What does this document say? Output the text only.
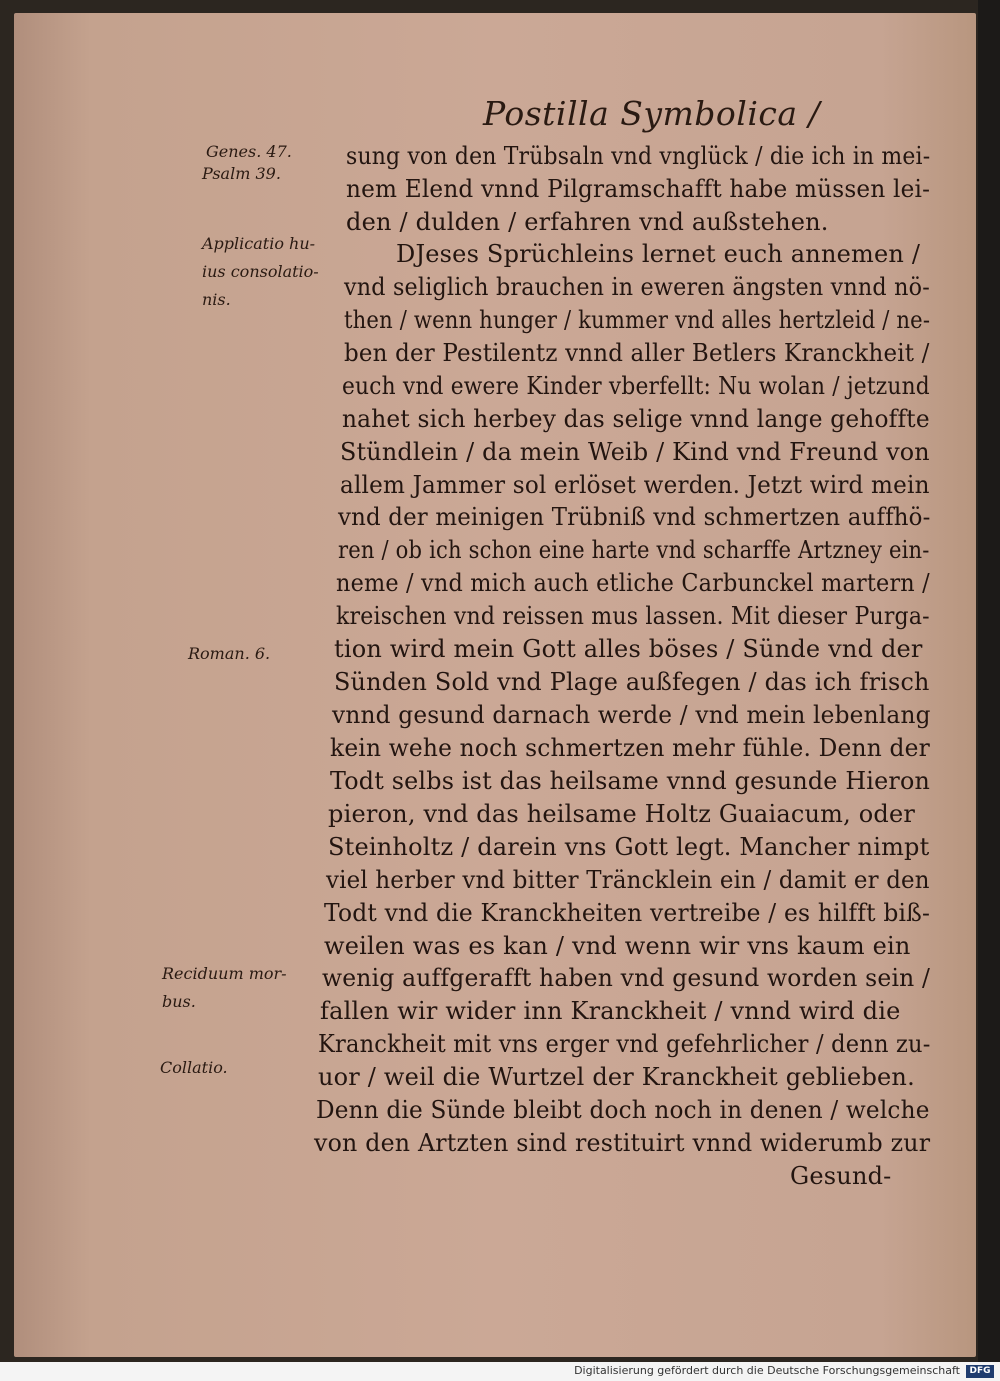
Postilla Symbolica /
Genes. 47.
Psalm 39.
Applicatio hu-
ius consolatio-
nis.
Roman. 6.
Reciduum mor-
bus.
Collatio.
sung von den Trübsaln vnd vnglück / die ich in mei-
nem Elend vnnd Pilgramschafft habe müssen lei-
den / dulden / erfahren vnd außstehen.
DJeses Sprüchleins lernet euch annemen /
vnd seliglich brauchen in eweren ängsten vnnd nö-
then / wenn hunger / kummer vnd alles hertzleid / ne-
ben der Pestilentz vnnd aller Betlers Kranckheit /
euch vnd ewere Kinder vberfellt: Nu wolan / jetzund
nahet sich herbey das selige vnnd lange gehoffte
Stündlein / da mein Weib / Kind vnd Freund von
allem Jammer sol erlöset werden. Jetzt wird mein
vnd der meinigen Trübniß vnd schmertzen auffhö-
ren / ob ich schon eine harte vnd scharffe Artzney ein-
neme / vnd mich auch etliche Carbunckel martern /
kreischen vnd reissen mus lassen. Mit dieser Purga-
tion wird mein Gott alles böses / Sünde vnd der
Sünden Sold vnd Plage außfegen / das ich frisch
vnnd gesund darnach werde / vnd mein lebenlang
kein wehe noch schmertzen mehr fühle. Denn der
Todt selbs ist das heilsame vnnd gesunde Hieron
pieron, vnd das heilsame Holtz Guaiacum, oder
Steinholtz / darein vns Gott legt. Mancher nimpt
viel herber vnd bitter Träncklein ein / damit er den
Todt vnd die Kranckheiten vertreibe / es hilfft biß-
weilen was es kan / vnd wenn wir vns kaum ein
wenig auffgerafft haben vnd gesund worden sein /
fallen wir wider inn Kranckheit / vnnd wird die
Kranckheit mit vns erger vnd gefehrlicher / denn zu-
uor / weil die Wurtzel der Kranckheit geblieben.
Denn die Sünde bleibt doch noch in denen / welche
von den Artzten sind restituirt vnnd widerumb zur
Gesund-
Digitalisierung gefördert durch die Deutsche Forschungsgemeinschaft	DFG
